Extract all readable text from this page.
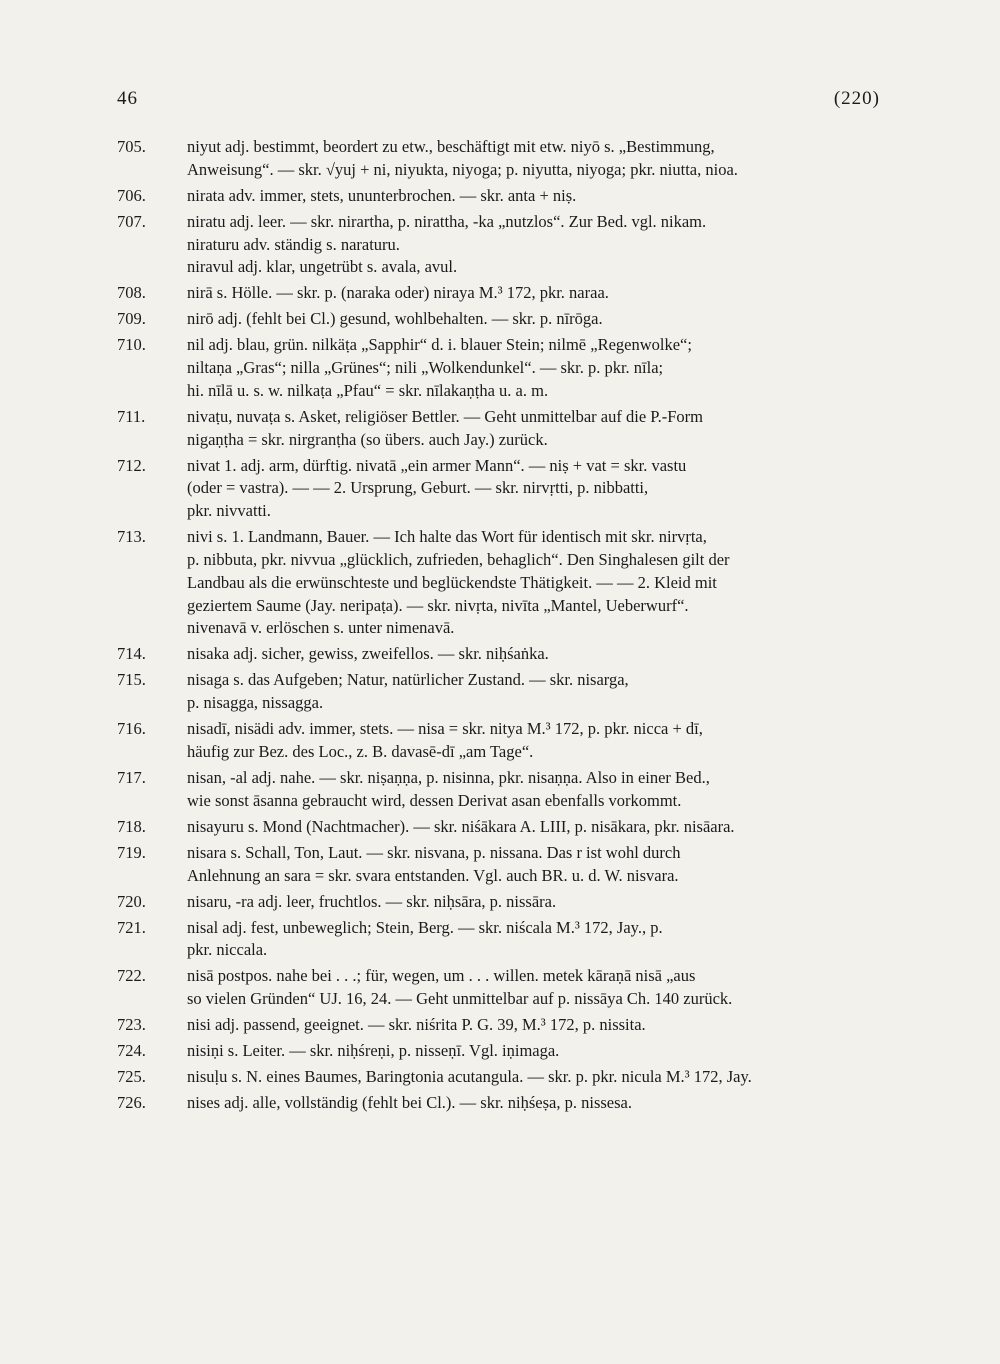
46	(220)
705.	niyut adj. bestimmt, beordert zu etw., beschäftigt mit etw. niyō s. „Bestimmung,
Anweisung“. — skr. √yuj + ni, niyukta, niyoga; p. niyutta, niyoga; pkr. niutta, nioa.
706.	nirata adv. immer, stets, ununterbrochen. — skr. anta + niṣ.
707.	niratu adj. leer. — skr. nirartha, p. nirattha, -ka „nutzlos“. Zur Bed. vgl. nikam.
niraturu adv. ständig s. naraturu.
niravul adj. klar, ungetrübt s. avala, avul.
708.	nirā s. Hölle. — skr. p. (naraka oder) niraya M.³ 172, pkr. naraa.
709.	nirō adj. (fehlt bei Cl.) gesund, wohlbehalten. — skr. p. nīrōga.
710.	nil adj. blau, grün. nilkäṭa „Sapphir“ d. i. blauer Stein; nilmē „Regenwolke“;
niltaṇa „Gras“; nilla „Grünes“; nili „Wolkendunkel“. — skr. p. pkr. nīla;
hi. nīlā u. s. w. nilkaṭa „Pfau“ = skr. nīlakaṇṭha u. a. m.
711.	nivaṭu, nuvaṭa s. Asket, religiöser Bettler. — Geht unmittelbar auf die P.-Form
nigaṇṭha = skr. nirgranṭha (so übers. auch Jay.) zurück.
712.	nivat 1. adj. arm, dürftig. nivatā „ein armer Mann“. — niṣ + vat = skr. vastu
(oder = vastra). — — 2. Ursprung, Geburt. — skr. nirvṛtti, p. nibbatti,
pkr. nivvatti.
713.	nivi s. 1. Landmann, Bauer. — Ich halte das Wort für identisch mit skr. nirvṛta,
p. nibbuta, pkr. nivvua „glücklich, zufrieden, behaglich“. Den Singhalesen gilt der
Landbau als die erwünschteste und beglückendste Thätigkeit. — — 2. Kleid mit
geziertem Saume (Jay. neripaṭa). — skr. nivṛta, nivīta „Mantel, Ueberwurf“.
nivenavā v. erlöschen s. unter nimenavā.
714.	nisaka adj. sicher, gewiss, zweifellos. — skr. niḥśaṅka.
715.	nisaga s. das Aufgeben; Natur, natürlicher Zustand. — skr. nisarga,
p. nisagga, nissagga.
716.	nisadī, nisädi adv. immer, stets. — nisa = skr. nitya M.³ 172, p. pkr. nicca + dī,
häufig zur Bez. des Loc., z. B. davasē-dī „am Tage“.
717.	nisan, -al adj. nahe. — skr. niṣaṇṇa, p. nisinna, pkr. nisaṇṇa. Also in einer Bed.,
wie sonst āsanna gebraucht wird, dessen Derivat asan ebenfalls vorkommt.
718.	nisayuru s. Mond (Nachtmacher). — skr. niśākara A. LIII, p. nisākara, pkr. nisāara.
719.	nisara s. Schall, Ton, Laut. — skr. nisvana, p. nissana. Das r ist wohl durch
Anlehnung an sara = skr. svara entstanden. Vgl. auch BR. u. d. W. nisvara.
720.	nisaru, -ra adj. leer, fruchtlos. — skr. niḥsāra, p. nissāra.
721.	nisal adj. fest, unbeweglich; Stein, Berg. — skr. niścala M.³ 172, Jay., p.
pkr. niccala.
722.	nisā postpos. nahe bei . . .; für, wegen, um . . . willen. metek kāraṇā nisā „aus
so vielen Gründen“ UJ. 16, 24. — Geht unmittelbar auf p. nissāya Ch. 140 zurück.
723.	nisi adj. passend, geeignet. — skr. niśrita P. G. 39, M.³ 172, p. nissita.
724.	nisiṇi s. Leiter. — skr. niḥśreṇi, p. nisseṇī. Vgl. iṇimaga.
725.	nisuḷu s. N. eines Baumes, Baringtonia acutangula. — skr. p. pkr. nicula M.³ 172, Jay.
726.	nises adj. alle, vollständig (fehlt bei Cl.). — skr. niḥśeṣa, p. nissesa.
